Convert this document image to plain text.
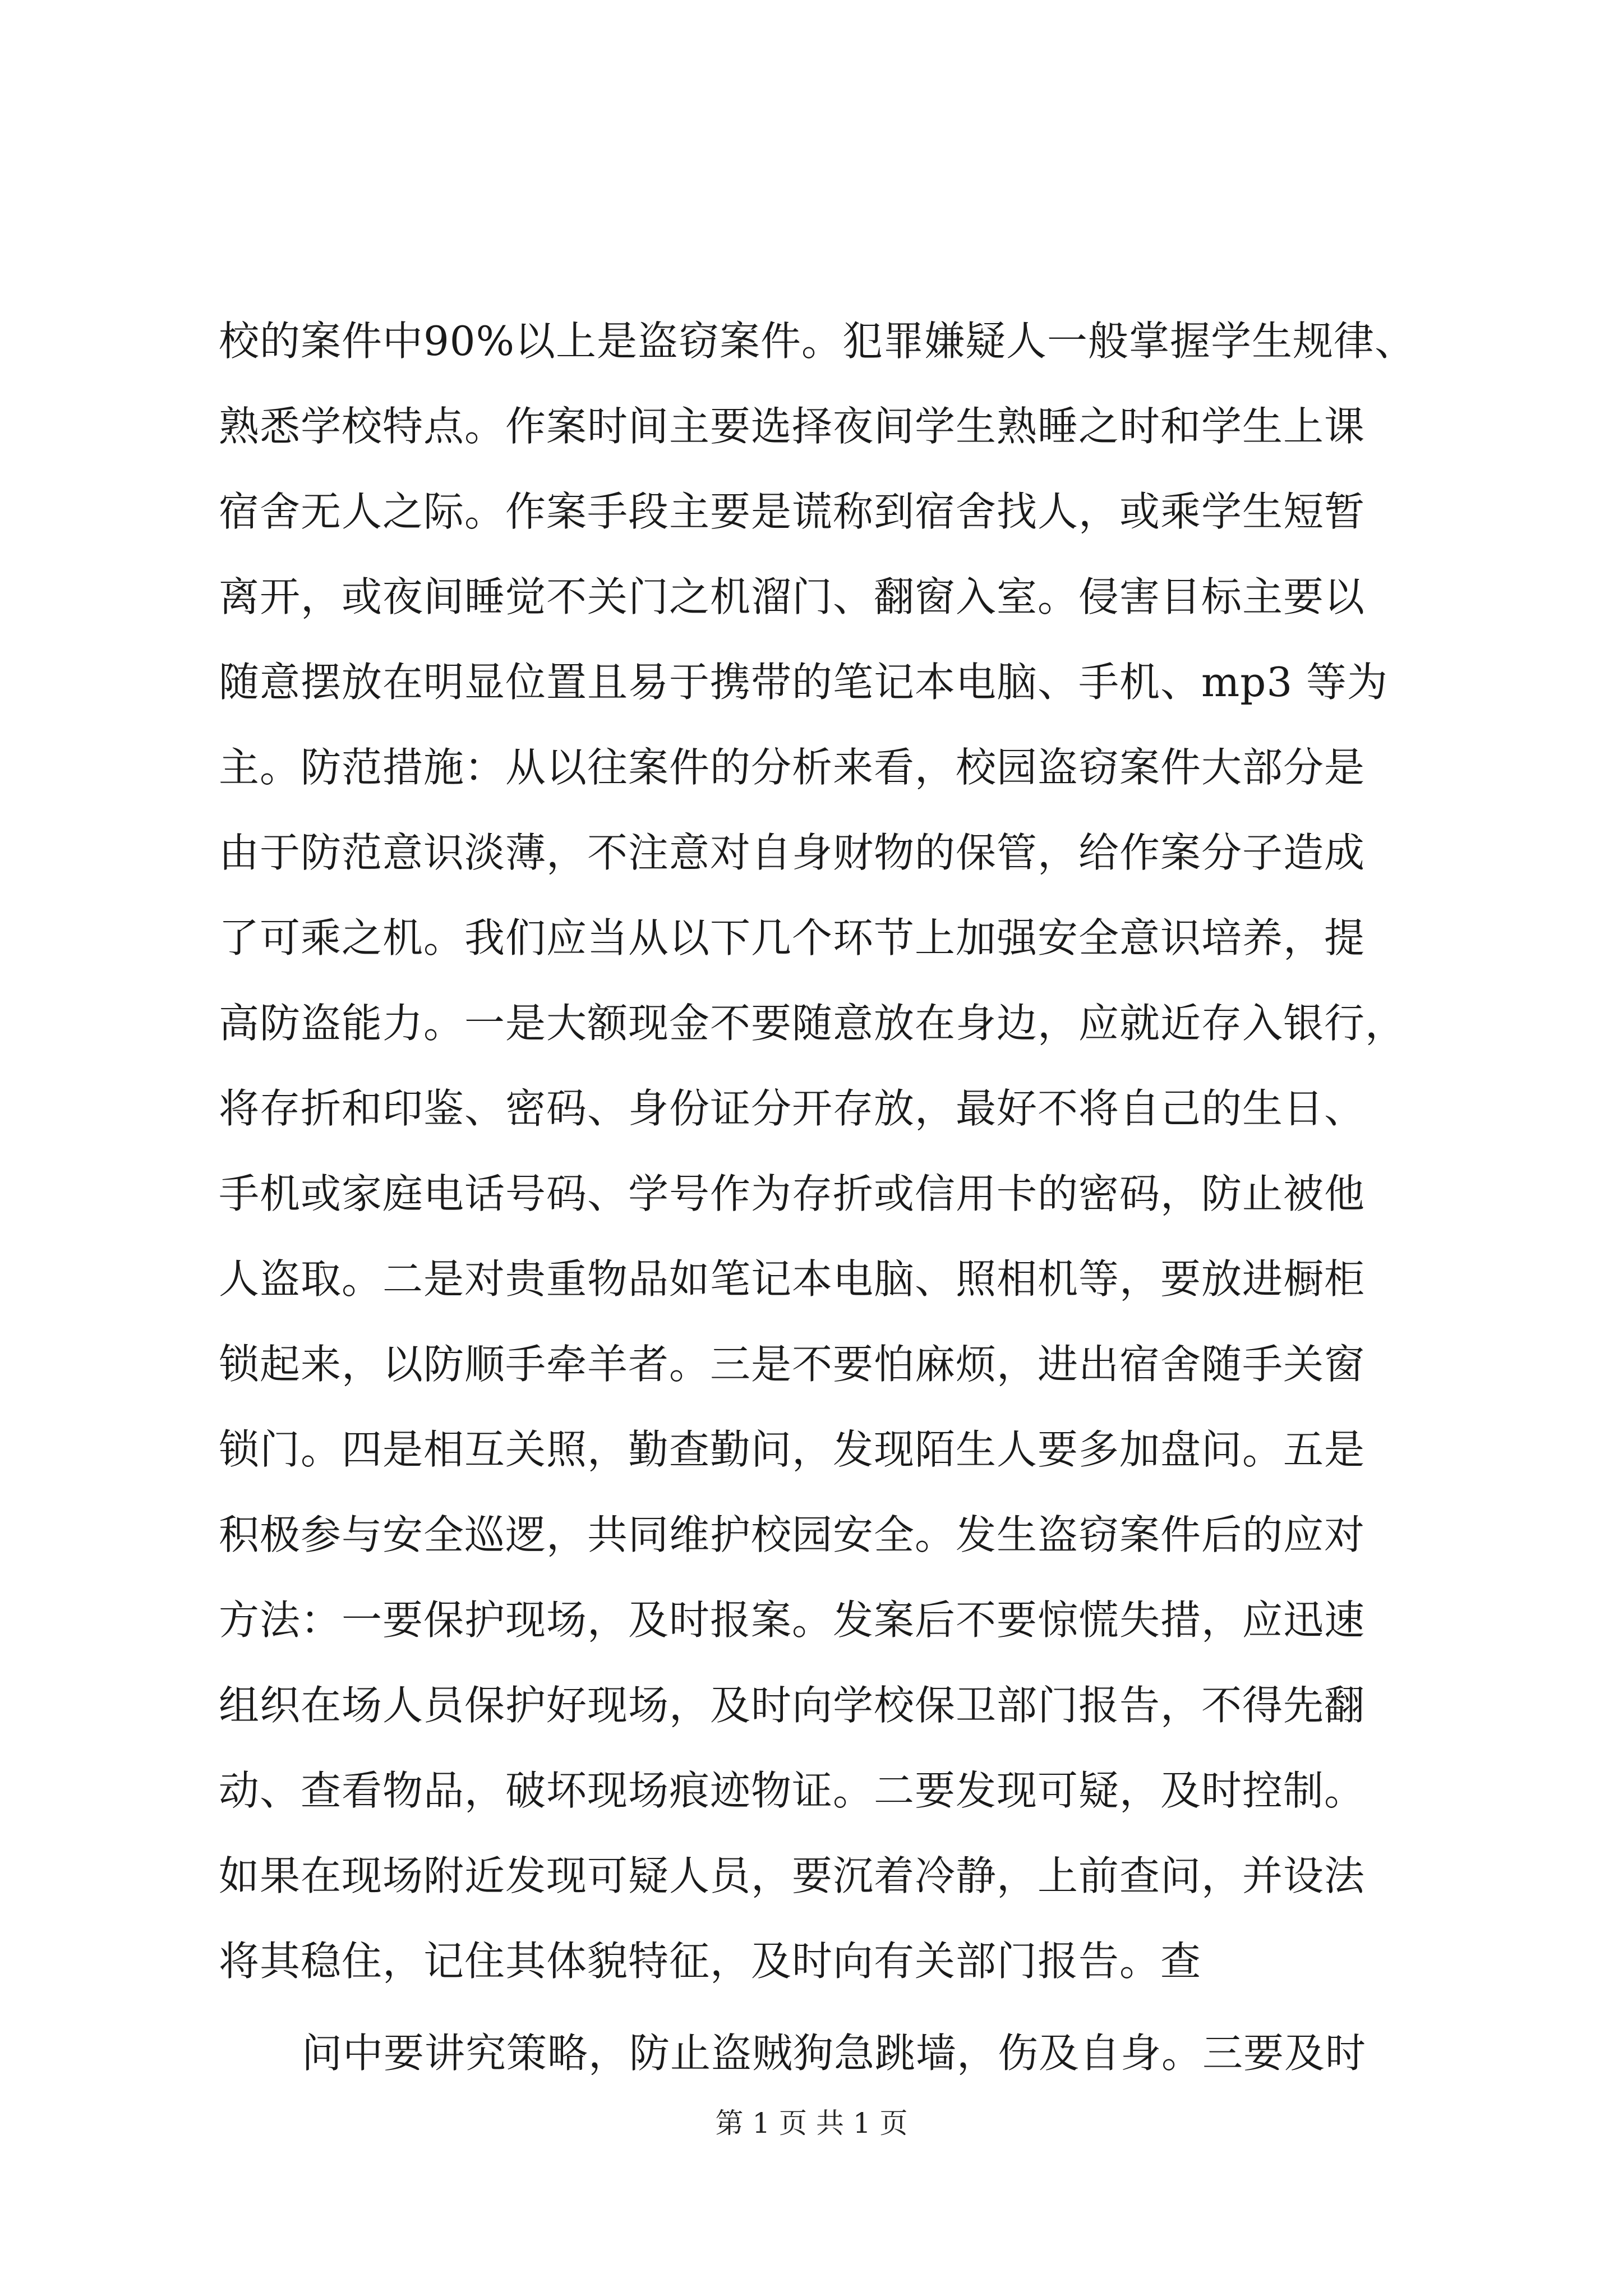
校的案件中90%以上是盗窃案件。犯罪嫌疑人一般掌握学生规律、
熟悉学校特点。作案时间主要选择夜间学生熟睡之时和学生上课
宿舍无人之际。作案手段主要是谎称到宿舍找人，或乘学生短暂
离开，或夜间睡觉不关门之机溜门、翻窗入室。侵害目标主要以
随意摆放在明显位置且易于携带的笔记本电脑、手机、mp3 等为
主。防范措施：从以往案件的分析来看，校园盗窃案件大部分是
由于防范意识淡薄，不注意对自身财物的保管，给作案分子造成
了可乘之机。我们应当从以下几个环节上加强安全意识培养，提
高防盗能力。一是大额现金不要随意放在身边，应就近存入银行，
将存折和印鉴、密码、身份证分开存放，最好不将自己的生日、
手机或家庭电话号码、学号作为存折或信用卡的密码，防止被他
人盗取。二是对贵重物品如笔记本电脑、照相机等，要放进橱柜
锁起来，以防顺手牵羊者。三是不要怕麻烦，进出宿舍随手关窗
锁门。四是相互关照，勤查勤问，发现陌生人要多加盘问。五是
积极参与安全巡逻，共同维护校园安全。发生盗窃案件后的应对
方法：一要保护现场，及时报案。发案后不要惊慌失措，应迅速
组织在场人员保护好现场，及时向学校保卫部门报告，不得先翻
动、查看物品，破坏现场痕迹物证。二要发现可疑，及时控制。
如果在现场附近发现可疑人员，要沉着冷静，上前查问，并设法
将其稳住，记住其体貌特征，及时向有关部门报告。查
问中要讲究策略，防止盗贼狗急跳墙，伤及自身。三要及时
第 1 页 共 1 页
